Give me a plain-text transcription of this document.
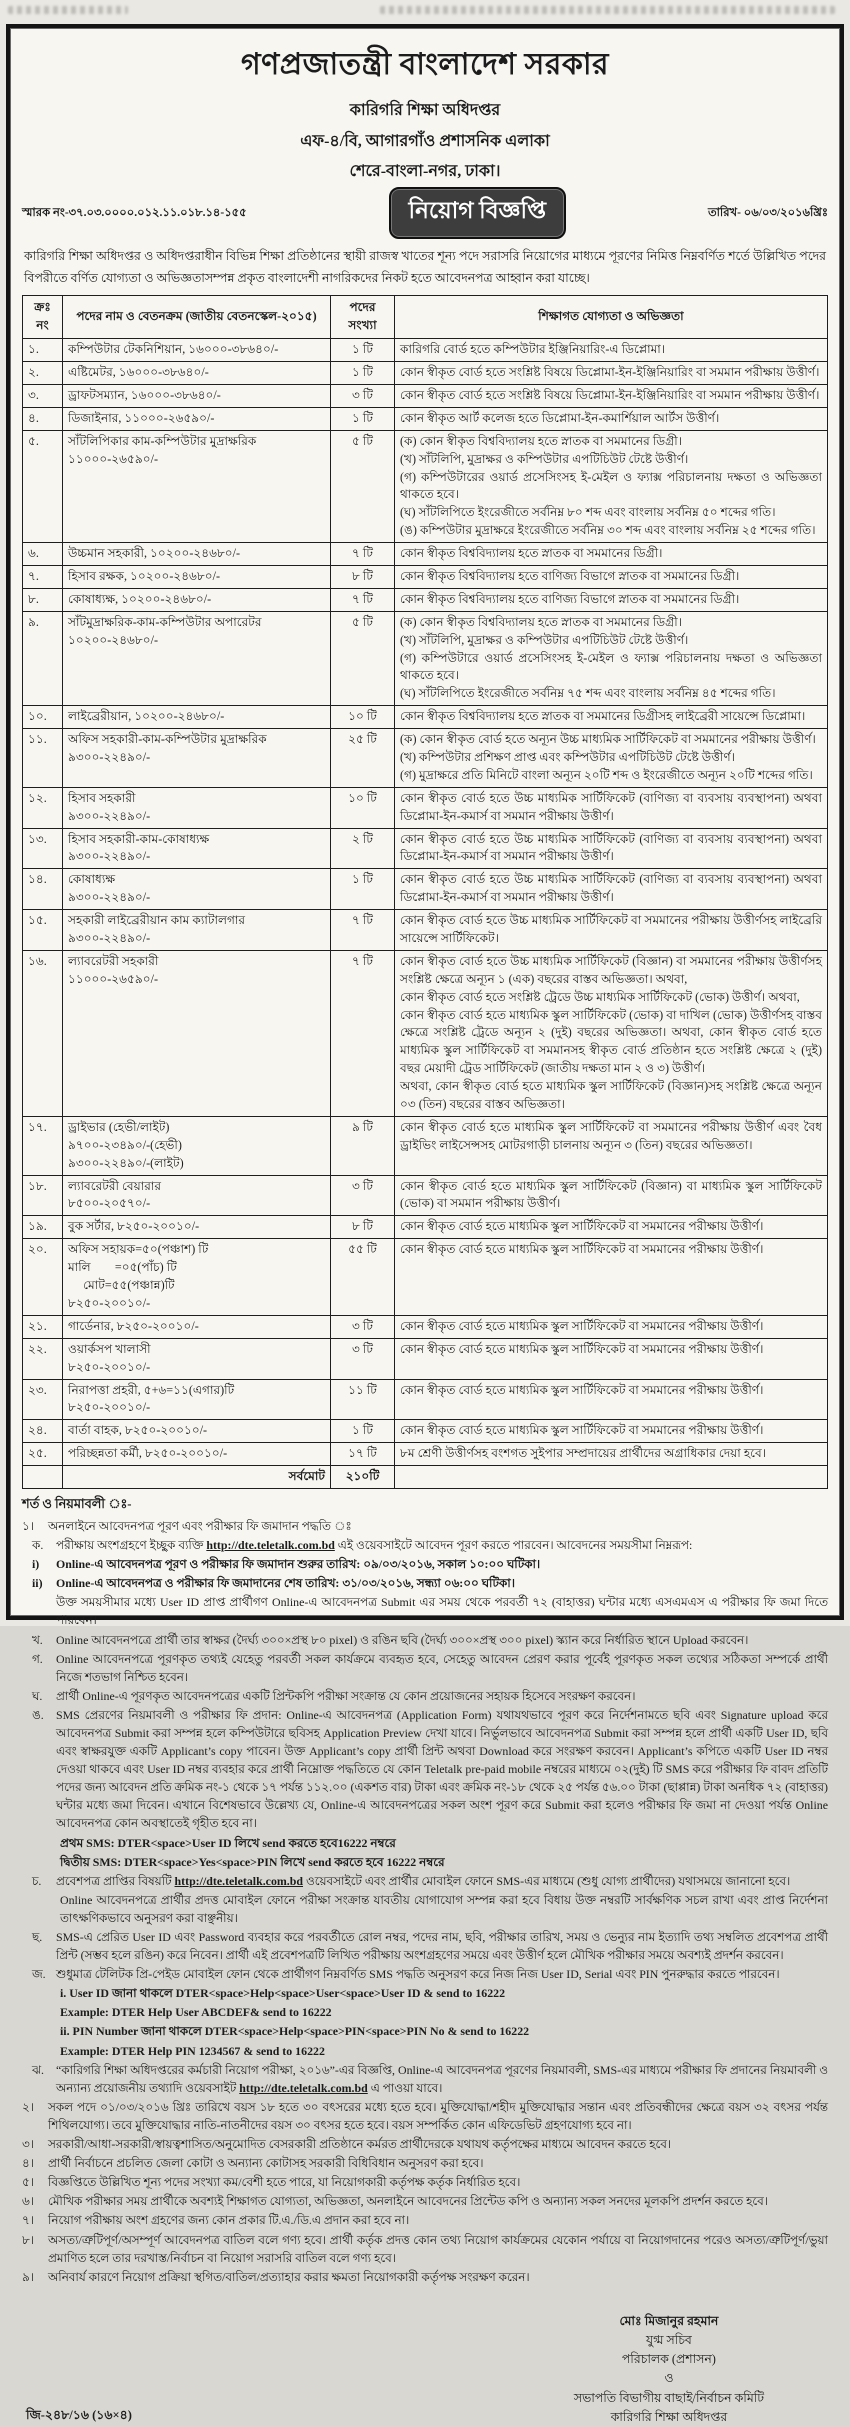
গণপ্রজাতন্ত্রী বাংলাদেশ সরকার
কারিগরি শিক্ষা অধিদপ্তর
এফ-৪/বি, আগারগাঁও প্রশাসনিক এলাকা
শেরে-বাংলা-নগর, ঢাকা।
স্মারক নং-৩৭.০৩.০০০০.০১২.১১.০১৮.১৪-১৫৫	নিয়োগ বিজ্ঞপ্তি	তারিখ- ০৬/০৩/২০১৬খ্রিঃ

কারিগরি শিক্ষা অধিদপ্তর ও অধিদপ্তরাধীন বিভিন্ন শিক্ষা প্রতিষ্ঠানের স্থায়ী রাজস্ব খাতের শূন্য পদে সরাসরি নিয়োগের মাধ্যমে পূরণের নিমিত্ত নিম্নবর্ণিত শর্তে উল্লিখিত পদের বিপরীতে বর্ণিত যোগ্যতা ও অভিজ্ঞতাসম্পন্ন প্রকৃত বাংলাদেশী নাগরিকদের নিকট হতে আবেদনপত্র আহ্বান করা যাচ্ছে।

ক্রঃ নং	পদের নাম ও বেতনক্রম (জাতীয় বেতনস্কেল-২০১৫)	পদের সংখ্যা	শিক্ষাগত যোগ্যতা ও অভিজ্ঞতা
১.	কম্পিউটার টেকনিশিয়ান, ১৬০০০-৩৮৬৪০/-	১ টি	কারিগরি বোর্ড হতে কম্পিউটার ইঞ্জিনিয়ারিং-এ ডিপ্লোমা।

২.	এষ্টিমেটর, ১৬০০০-৩৮৬৪০/-	১ টি	কোন স্বীকৃত বোর্ড হতে সংশ্লিষ্ট বিষয়ে ডিপ্লোমা-ইন-ইঞ্জিনিয়ারিং বা সমমান পরীক্ষায় উত্তীর্ণ।

৩.	ড্রাফটসম্যান, ১৬০০০-৩৮৬৪০/-	৩ টি	কোন স্বীকৃত বোর্ড হতে সংশ্লিষ্ট বিষয়ে ডিপ্লোমা-ইন-ইঞ্জিনিয়ারিং বা সমমান পরীক্ষায় উত্তীর্ণ।

৪.	ডিজাইনার, ১১০০০-২৬৫৯০/-	১ টি	কোন স্বীকৃত আর্ট কলেজ হতে ডিপ্লোমা-ইন-কমার্শিয়াল আর্টস উত্তীর্ণ।

৫.	সাঁটলিপিকার কাম-কম্পিউটার মুদ্রাক্ষরিক
১১০০০-২৬৫৯০/-
	৫ টি	(ক) কোন স্বীকৃত বিশ্ববিদ্যালয় হতে স্নাতক বা সমমানের ডিগ্রী।
(খ) সাঁটলিপি, মুদ্রাক্ষর ও কম্পিউটার এপটিচিউট টেষ্টে উত্তীর্ণ।
(গ) কম্পিউটারের ওয়ার্ড প্রসেসিংসহ ই-মেইল ও ফ্যাক্স পরিচালনায় দক্ষতা ও অভিজ্ঞতা থাকতে হবে।
(ঘ) সাঁটলিপিতে ইংরেজীতে সর্বনিম্ন ৮০ শব্দ এবং বাংলায় সর্বনিম্ন ৫০ শব্দের গতি।
(ঙ) কম্পিউটার মুদ্রাক্ষরে ইংরেজীতে সর্বনিম্ন ৩০ শব্দ এবং বাংলায় সর্বনিম্ন ২৫ শব্দের গতি।

৬.	উচ্চমান সহকারী, ১০২০০-২৪৬৮০/-	৭ টি	কোন স্বীকৃত বিশ্ববিদ্যালয় হতে স্নাতক বা সমমানের ডিগ্রী।

৭.	হিসাব রক্ষক, ১০২০০-২৪৬৮০/-	৮ টি	কোন স্বীকৃত বিশ্ববিদ্যালয় হতে বাণিজ্য বিভাগে স্নাতক বা সমমানের ডিগ্রী।

৮.	কোষাধ্যক্ষ, ১০২০০-২৪৬৮০/-	৭ টি	কোন স্বীকৃত বিশ্ববিদ্যালয় হতে বাণিজ্য বিভাগে স্নাতক বা সমমানের ডিগ্রী।

৯.	সাঁটমুদ্রাক্ষরিক-কাম-কম্পিউটার অপারেটর
১০২০০-২৪৬৮০/-
	৫ টি	(ক) কোন স্বীকৃত বিশ্ববিদ্যালয় হতে স্নাতক বা সমমানের ডিগ্রী।
(খ) সাঁটলিপি, মুদ্রাক্ষর ও কম্পিউটার এপটিচিউট টেষ্টে উত্তীর্ণ।
(গ) কম্পিউটারে ওয়ার্ড প্রসেসিংসহ ই-মেইল ও ফ্যাক্স পরিচালনায় দক্ষতা ও অভিজ্ঞতা থাকতে হবে।
(ঘ) সাঁটলিপিতে ইংরেজীতে সর্বনিম্ন ৭৫ শব্দ এবং বাংলায় সর্বনিম্ন ৪৫ শব্দের গতি।

১০.	লাইব্রেরীয়ান, ১০২০০-২৪৬৮০/-	১০ টি	কোন স্বীকৃত বিশ্ববিদ্যালয় হতে স্নাতক বা সমমানের ডিগ্রীসহ লাইব্রেরী সায়েন্সে ডিপ্লোমা।

১১.	অফিস সহকারী-কাম-কম্পিউটার মুদ্রাক্ষরিক
৯৩০০-২২৪৯০/-
	২৫ টি	(ক) কোন স্বীকৃত বোর্ড হতে অন্যূন উচ্চ মাধ্যমিক সার্টিফিকেট বা সমমানের পরীক্ষায় উত্তীর্ণ।
(খ) কম্পিউটার প্রশিক্ষণ প্রাপ্ত এবং কম্পিউটার এপটিচিউট টেষ্টে উত্তীর্ণ।
(গ) মুদ্রাক্ষরে প্রতি মিনিটে বাংলা অন্যূন ২০টি শব্দ ও ইংরেজীতে অন্যূন ২০টি শব্দের গতি।

১২.	হিসাব সহকারী
৯৩০০-২২৪৯০/-	১০ টি	কোন স্বীকৃত বোর্ড হতে উচ্চ মাধ্যমিক সার্টিফিকেট (বাণিজ্য বা ব্যবসায় ব্যবস্থাপনা) অথবা ডিপ্লোমা-ইন-কমার্স বা সমমান পরীক্ষায় উত্তীর্ণ।

১৩.	হিসাব সহকারী-কাম-কোষাধ্যক্ষ
৯৩০০-২২৪৯০/-	২ টি	কোন স্বীকৃত বোর্ড হতে উচ্চ মাধ্যমিক সার্টিফিকেট (বাণিজ্য বা ব্যবসায় ব্যবস্থাপনা) অথবা ডিপ্লোমা-ইন-কমার্স বা সমমান পরীক্ষায় উত্তীর্ণ।

১৪.	কোষাধ্যক্ষ
৯৩০০-২২৪৯০/-	১ টি	কোন স্বীকৃত বোর্ড হতে উচ্চ মাধ্যমিক সার্টিফিকেট (বাণিজ্য বা ব্যবসায় ব্যবস্থাপনা) অথবা ডিপ্লোমা-ইন-কমার্স বা সমমান পরীক্ষায় উত্তীর্ণ।

১৫.	সহকারী লাইব্রেরীয়ান কাম ক্যাটালগার
৯৩০০-২২৪৯০/-	৭ টি	কোন স্বীকৃত বোর্ড হতে উচ্চ মাধ্যমিক সার্টিফিকেট বা সমমানের পরীক্ষায় উত্তীর্ণসহ লাইব্রেরি সায়েন্সে সার্টিফিকেট।

১৬.	ল্যাবরেটরী সহকারী
১১০০০-২৬৫৯০/-
	৭ টি	কোন স্বীকৃত বোর্ড হতে উচ্চ মাধ্যমিক সার্টিফিকেট (বিজ্ঞান) বা সমমানের পরীক্ষায় উত্তীর্ণসহ সংশ্লিষ্ট ক্ষেত্রে অন্যূন ১ (এক) বছরের বাস্তব অভিজ্ঞতা। অথবা,
কোন স্বীকৃত বোর্ড হতে সংশ্লিষ্ট ট্রেডে উচ্চ মাধ্যমিক সার্টিফিকেট (ভোক) উত্তীর্ণ। অথবা,
কোন স্বীকৃত বোর্ড হতে মাধ্যমিক স্কুল সার্টিফিকেট (ভোক) বা দাখিল (ভোক) উত্তীর্ণসহ বাস্তব ক্ষেত্রে সংশ্লিষ্ট ট্রেডে অন্যূন ২ (দুই) বছরের অভিজ্ঞতা। অথবা, কোন স্বীকৃত বোর্ড হতে মাধ্যমিক স্কুল সার্টিফিকেট বা সমমানসহ স্বীকৃত বোর্ড প্রতিষ্ঠান হতে সংশ্লিষ্ট ক্ষেত্রে ২ (দুই) বছর মেয়াদী ট্রেড সার্টিফিকেট (জাতীয় দক্ষতা মান ২ ও ৩) উত্তীর্ণ।
অথবা, কোন স্বীকৃত বোর্ড হতে মাধ্যমিক স্কুল সার্টিফিকেট (বিজ্ঞান)সহ সংশ্লিষ্ট ক্ষেত্রে অন্যূন ০৩ (তিন) বছরের বাস্তব অভিজ্ঞতা।

১৭.	ড্রাইভার (হেভী/লাইট)
৯৭০০-২৩৪৯০/-(হেভী)
৯৩০০-২২৪৯০/-(লাইট)	৯ টি	কোন স্বীকৃত বোর্ড হতে মাধ্যমিক স্কুল সার্টিফিকেট বা সমমানের পরীক্ষায় উত্তীর্ণ এবং বৈধ ড্রাইভিং লাইসেন্সসহ মোটরগাড়ী চালনায় অন্যূন ৩ (তিন) বছরের অভিজ্ঞতা।

১৮.	ল্যাবরেটরী বেয়ারার
৮৫০০-২০৫৭০/-	৩ টি	কোন স্বীকৃত বোর্ড হতে মাধ্যমিক স্কুল সার্টিফিকেট (বিজ্ঞান) বা মাধ্যমিক স্কুল সার্টিফিকেট (ভোক) বা সমমান পরীক্ষায় উত্তীর্ণ।

১৯.	বুক সর্টার, ৮২৫০-২০০১০/-	৮ টি	কোন স্বীকৃত বোর্ড হতে মাধ্যমিক স্কুল সার্টিফিকেট বা সমমানের পরীক্ষায় উত্তীর্ণ।

২০.	অফিস সহায়ক=৫০(পঞ্চাশ) টি
মালি        =০৫(পাঁচ) টি
মোট=৫৫(পঞ্চান্ন)টি
৮২৫০-২০০১০/-	৫৫ টি	কোন স্বীকৃত বোর্ড হতে মাধ্যমিক স্কুল সার্টিফিকেট বা সমমানের পরীক্ষায় উত্তীর্ণ।

২১.	গার্ডেনার, ৮২৫০-২০০১০/-	৩ টি	কোন স্বীকৃত বোর্ড হতে মাধ্যমিক স্কুল সার্টিফিকেট বা সমমানের পরীক্ষায় উত্তীর্ণ।

২২.	ওয়ার্কসপ খালাসী
৮২৫০-২০০১০/-	৩ টি	কোন স্বীকৃত বোর্ড হতে মাধ্যমিক স্কুল সার্টিফিকেট বা সমমানের পরীক্ষায় উত্তীর্ণ।

২৩.	নিরাপত্তা প্রহরী, ৫+৬=১১(এগার)টি
৮২৫০-২০০১০/-	১১ টি	কোন স্বীকৃত বোর্ড হতে মাধ্যমিক স্কুল সার্টিফিকেট বা সমমানের পরীক্ষায় উত্তীর্ণ।

২৪.	বার্তা বাহক, ৮২৫০-২০০১০/-	১ টি	কোন স্বীকৃত বোর্ড হতে মাধ্যমিক স্কুল সার্টিফিকেট বা সমমানের পরীক্ষায় উত্তীর্ণ।

২৫.	পরিচ্ছন্নতা কর্মী, ৮২৫০-২০০১০/-	১৭ টি	৮ম শ্রেণী উত্তীর্ণসহ বংশগত সুইপার সম্প্রদায়ের প্রার্থীদের অগ্রাধিকার দেয়া হবে।

	সর্বমোট	২১০টি	
শর্ত ও নিয়মাবলী ঃ-
১।	অনলাইনে আবেদনপত্র পূরণ এবং পরীক্ষার ফি জমাদান পদ্ধতি ঃ
ক.	পরীক্ষায় অংশগ্রহণে ইচ্ছুক ব্যক্তি http://dte.teletalk.com.bd এই ওয়েবসাইটে আবেদন পূরণ করতে পারবেন। আবেদনের সময়সীমা নিম্নরূপ:
i)	Online-এ আবেদনপত্র পূরণ ও পরীক্ষার ফি জমাদান শুরুর তারিখ: ০৯/০৩/২০১৬, সকাল ১০:০০ ঘটিকা।
ii)	Online-এ আবেদনপত্র ও পরীক্ষার ফি জমাদানের শেষ তারিখ: ৩১/০৩/২০১৬, সন্ধ্যা ০৬:০০ ঘটিকা।
উক্ত সময়সীমার মধ্যে User ID প্রাপ্ত প্রার্থীগণ Online-এ আবেদনপত্র Submit এর সময় থেকে পরবর্তী ৭২ (বাহাত্তর) ঘন্টার মধ্যে এসএমএস এ পরীক্ষার ফি জমা দিতে পারবেন।
খ.	Online আবেদনপত্রে প্রার্থী তার স্বাক্ষর (দৈর্ঘ্য ৩০০×প্রস্থ ৮০ pixel) ও রঙিন ছবি (দৈর্ঘ্য ৩০০×প্রস্থ ৩০০ pixel) স্ক্যান করে নির্ধারিত স্থানে Upload করবেন।
গ.	Online আবেদনপত্রে পূরণকৃত তথ্যই যেহেতু পরবর্তী সকল কার্যক্রমে ব্যবহৃত হবে, সেহেতু আবেদন প্রেরণ করার পূর্বেই পূরণকৃত সকল তথ্যের সঠিকতা সম্পর্কে প্রার্থী নিজে শতভাগ নিশ্চিত হবেন।
ঘ.	প্রার্থী Online-এ পূরণকৃত আবেদনপত্রের একটি প্রিন্টকপি পরীক্ষা সংক্রান্ত যে কোন প্রয়োজনের সহায়ক হিসেবে সংরক্ষণ করবেন।
ঙ.	SMS প্রেরণের নিয়মাবলী ও পরীক্ষার ফি প্রদান: Online-এ আবেদনপত্র (Application Form) যথাযথভাবে পূরণ করে নির্দেশনামতে ছবি এবং Signature upload করে আবেদনপত্র Submit করা সম্পন্ন হলে কম্পিউটারে ছবিসহ Application Preview দেখা যাবে। নির্ভুলভাবে আবেদনপত্র Submit করা সম্পন্ন হলে প্রার্থী একটি User ID, ছবি এবং স্বাক্ষরযুক্ত একটি Applicant’s copy পাবেন। উক্ত Applicant’s copy প্রার্থী প্রিন্ট অথবা Download করে সংরক্ষণ করবেন। Applicant’s কপিতে একটি User ID নম্বর দেওয়া থাকবে এবং User ID নম্বর ব্যবহার করে প্রার্থী নিম্নোক্ত পদ্ধতিতে যে কোন Teletalk pre-paid mobile নম্বরের মাধ্যমে ০২(দুই) টি SMS করে পরীক্ষার ফি বাবদ প্রতিটি পদের জন্য আবেদন প্রতি ক্রমিক নং-১ থেকে ১৭ পর্যন্ত ১১২.০০ (একশত বার) টাকা এবং ক্রমিক নং-১৮ থেকে ২৫ পর্যন্ত ৫৬.০০ টাকা (ছাপ্পান্ন) টাকা অনধিক ৭২ (বাহাত্তর) ঘন্টার মধ্যে জমা দিবেন। এখানে বিশেষভাবে উল্লেখ্য যে, Online-এ আবেদনপত্রের সকল অংশ পূরণ করে Submit করা হলেও পরীক্ষার ফি জমা না দেওয়া পর্যন্ত Online আবেদনপত্র কোন অবস্থাতেই গৃহীত হবে না।
প্রথম SMS: DTER<space>User ID লিখে send করতে হবে16222 নম্বরে
দ্বিতীয় SMS: DTER<space>Yes<space>PIN লিখে send করতে হবে 16222 নম্বরে
চ.	প্রবেশপত্র প্রাপ্তির বিষয়টি http://dte.teletalk.com.bd ওয়েবসাইটে এবং প্রার্থীর মোবাইল ফোনে SMS-এর মাধ্যমে (শুধু যোগ্য প্রার্থীদের) যথাসময়ে জানানো হবে।
Online আবেদনপত্রে প্রার্থীর প্রদত্ত মোবাইল ফোনে পরীক্ষা সংক্রান্ত যাবতীয় যোগাযোগ সম্পন্ন করা হবে বিধায় উক্ত নম্বরটি সার্বক্ষণিক সচল রাখা এবং প্রাপ্ত নির্দেশনা তাৎক্ষণিকভাবে অনুসরণ করা বাঞ্ছনীয়।
ছ.	SMS-এ প্রেরিত User ID এবং Password ব্যবহার করে পরবর্তীতে রোল নম্বর, পদের নাম, ছবি, পরীক্ষার তারিখ, সময় ও ভেন্যুর নাম ইত্যাদি তথ্য সম্বলিত প্রবেশপত্র প্রার্থী প্রিন্ট (সম্ভব হলে রঙিন) করে নিবেন। প্রার্থী এই প্রবেশপত্রটি লিখিত পরীক্ষায় অংশগ্রহণের সময়ে এবং উত্তীর্ণ হলে মৌখিক পরীক্ষার সময়ে অবশ্যই প্রদর্শন করবেন।
জ. শুধুমাত্র টেলিটক প্রি-পেইড মোবাইল ফোন থেকে প্রার্থীগণ নিম্নবর্ণিত SMS পদ্ধতি অনুসরণ করে নিজ নিজ User ID, Serial এবং PIN পুনরুদ্ধার করতে পারবেন।
i. User ID জানা থাকলে DTER<space>Help<space>User<space>User ID & send to 16222
Example: DTER Help User ABCDEF& send to 16222
ii. PIN Number জানা থাকলে DTER<space>Help<space>PIN<space>PIN No & send to 16222
Example: DTER Help PIN 1234567 & send to 16222
ঝ.	“কারিগরি শিক্ষা অধিদপ্তরের কর্মচারী নিয়োগ পরীক্ষা, ২০১৬”-এর বিজ্ঞপ্তি, Online-এ আবেদনপত্র পূরণের নিয়মাবলী, SMS-এর মাধ্যমে পরীক্ষার ফি প্রদানের নিয়মাবলী ও অন্যান্য প্রয়োজনীয় তথ্যাদি ওয়েবসাইট http://dte.teletalk.com.bd এ পাওয়া যাবে।
২।	সকল পদে ০১/০৩/২০১৬ খ্রিঃ তারিখে বয়স ১৮ হতে ৩০ বৎসরের মধ্যে হতে হবে। মুক্তিযোদ্ধা/শহীদ মুক্তিযোদ্ধার সন্তান এবং প্রতিবন্ধীদের ক্ষেত্রে বয়স ৩২ বৎসর পর্যন্ত শিথিলযোগ্য। তবে মুক্তিযোদ্ধার নাতি-নাতনীদের বয়স ৩০ বৎসর হতে হবে। বয়স সম্পর্কিত কোন এফিডেভিট গ্রহণযোগ্য হবে না।
৩।	সরকারী/আধা-সরকারী/স্বায়ত্বশাসিত/অনুমোদিত বেসরকারী প্রতিষ্ঠানে কর্মরত প্রার্থীদেরকে যথাযথ কর্তৃপক্ষের মাধ্যমে আবেদন করতে হবে।
৪।	প্রার্থী নির্বাচনে প্রচলিত জেলা কোটা ও অন্যান্য কোটাসহ সরকারী বিধিবিধান অনুসরণ করা হবে।
৫।	বিজ্ঞপ্তিতে উল্লিখিত শূন্য পদের সংখ্যা কম/বেশী হতে পারে, যা নিয়োগকারী কর্তৃপক্ষ কর্তৃক নির্ধারিত হবে।
৬।	মৌখিক পরীক্ষার সময় প্রার্থীকে অবশ্যই শিক্ষাগত যোগ্যতা, অভিজ্ঞতা, অনলাইনে আবেদনের প্রিন্টেড কপি ও অন্যান্য সকল সনদের মূলকপি প্রদর্শন করতে হবে।
৭।	নিয়োগ পরীক্ষায় অংশ গ্রহণের জন্য কোন প্রকার টি.এ./ডি.এ প্রদান করা হবে না।
৮।	অসত্য/ত্রুটিপূর্ণ/অসম্পূর্ণ আবেদনপত্র বাতিল বলে গণ্য হবে। প্রার্থী কর্তৃক প্রদত্ত কোন তথ্য নিয়োগ কার্যক্রমের যেকোন পর্যায়ে বা নিয়োগদানের পরেও অসত্য/ত্রুটিপূর্ণ/ভুয়া প্রমাণিত হলে তার দরখাস্ত/নির্বাচন বা নিয়োগ সরাসরি বাতিল বলে গণ্য হবে।
৯।	অনিবার্য কারণে নিয়োগ প্রক্রিয়া স্থগিত/বাতিল/প্রত্যাহার করার ক্ষমতা নিয়োগকারী কর্তৃপক্ষ সংরক্ষণ করেন।
জি-২৪৮/১৬ (১৬×৪)
মোঃ মিজানুর রহমান
যুগ্ম সচিব
পরিচালক (প্রশাসন)
ও
সভাপতি বিভাগীয় বাছাই/নির্বাচন কমিটি
কারিগরি শিক্ষা অধিদপ্তর
